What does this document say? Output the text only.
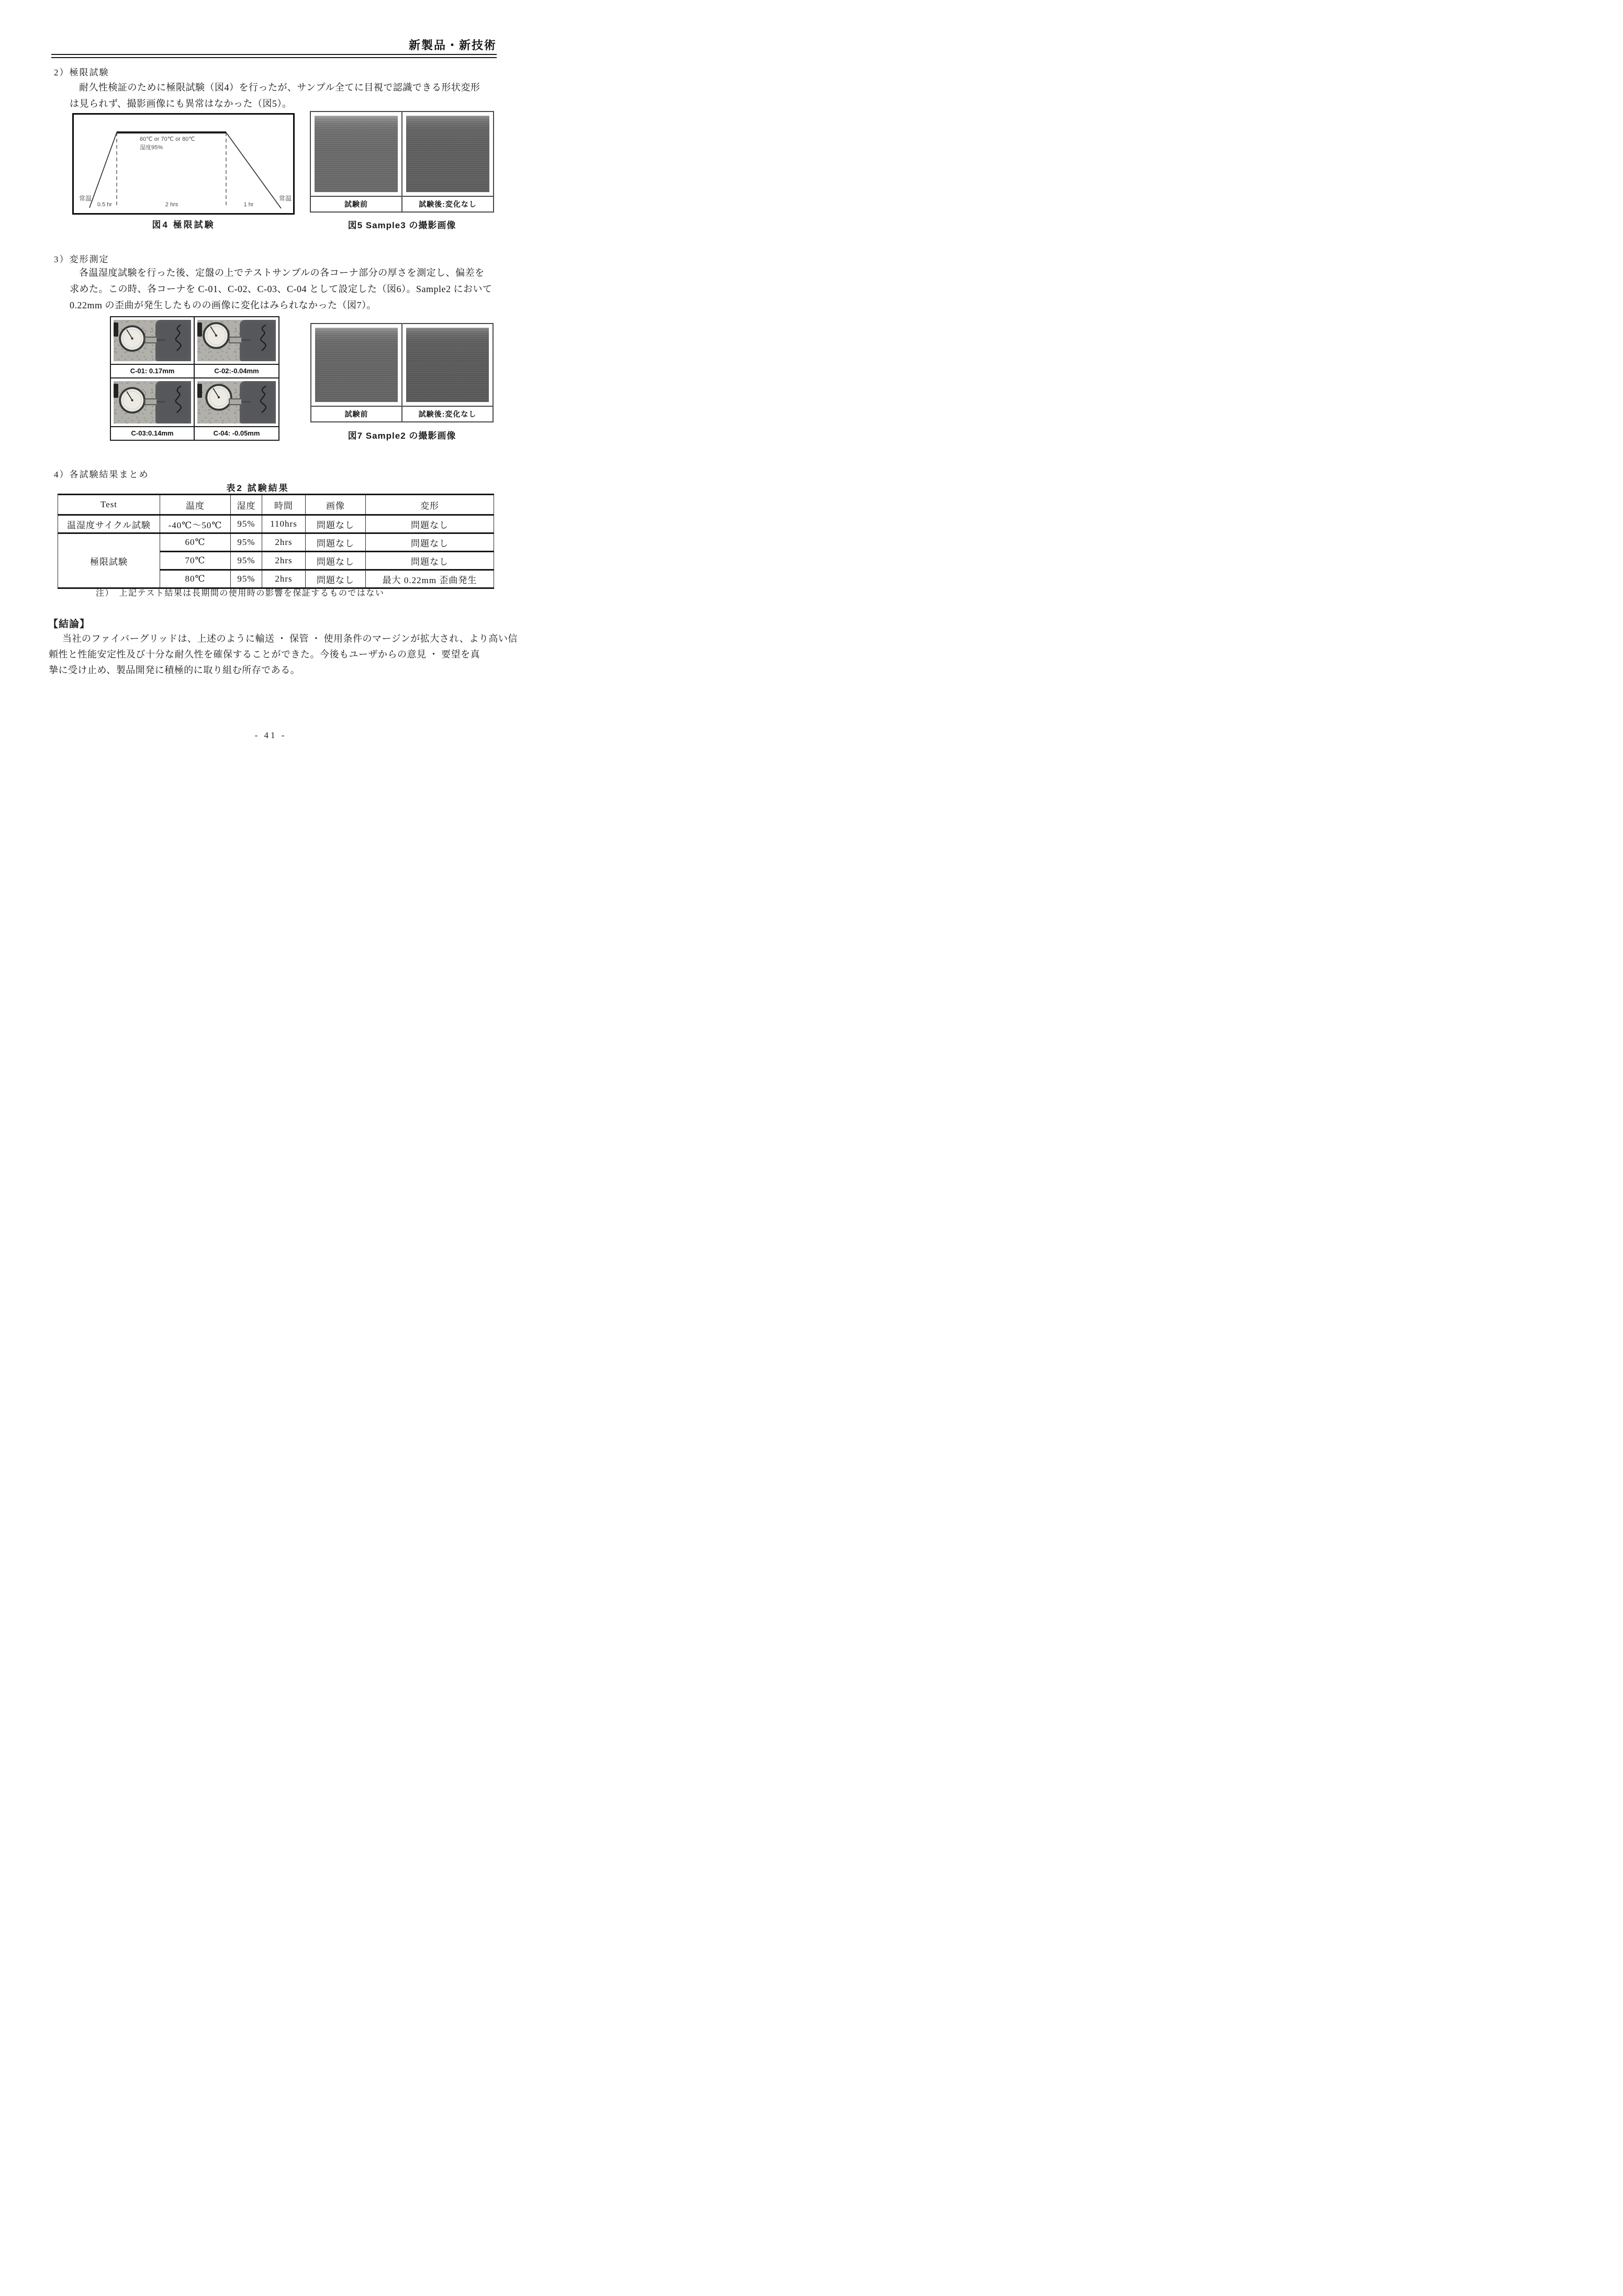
新製品・新技術
2）極限試験
耐久性検証のために極限試験（図4）を行ったが、サンプル全てに目視で認識できる形状変形
は見られず、撮影画像にも異常はなかった（図5）。
60℃ or 70℃ or 80℃
湿度95%
常温	常温
0.5 hr	2 hrs	1 hr
図4 極限試験
試験前	試験後:変化なし
図5 Sample3 の撮影画像
3）変形測定
各温湿度試験を行った後、定盤の上でテストサンプルの各コーナ部分の厚さを測定し、偏差を
求めた。この時、各コーナを C-01、C-02、C-03、C-04 として設定した（図6）。Sample2 において
0.22mm の歪曲が発生したものの画像に変化はみられなかった（図7）。
C-01: 0.17mm	C-02:-0.04mm
C-03:0.14mm	C-04: -0.05mm
試験前	試験後:変化なし
図7 Sample2 の撮影画像
4）各試験結果まとめ
表2 試験結果
Test	温度	湿度	時間	画像	変形
温湿度サイクル試験	-40℃～50℃	95%	110hrs	問題なし	問題なし
極限試験	60℃	95%	2hrs	問題なし	問題なし
	70℃	95%	2hrs	問題なし	問題なし
	80℃	95%	2hrs	問題なし	最大 0.22mm 歪曲発生
注）　上記テスト結果は長期間の使用時の影響を保証するものではない
【結論】
当社のファイバーグリッドは、上述のように輸送 ・ 保管 ・ 使用条件のマージンが拡大され、より高い信
頼性と性能安定性及び十分な耐久性を確保することができた。今後もユーザからの意見 ・ 要望を真
摯に受け止め、製品開発に積極的に取り組む所存である。
- 41 -
